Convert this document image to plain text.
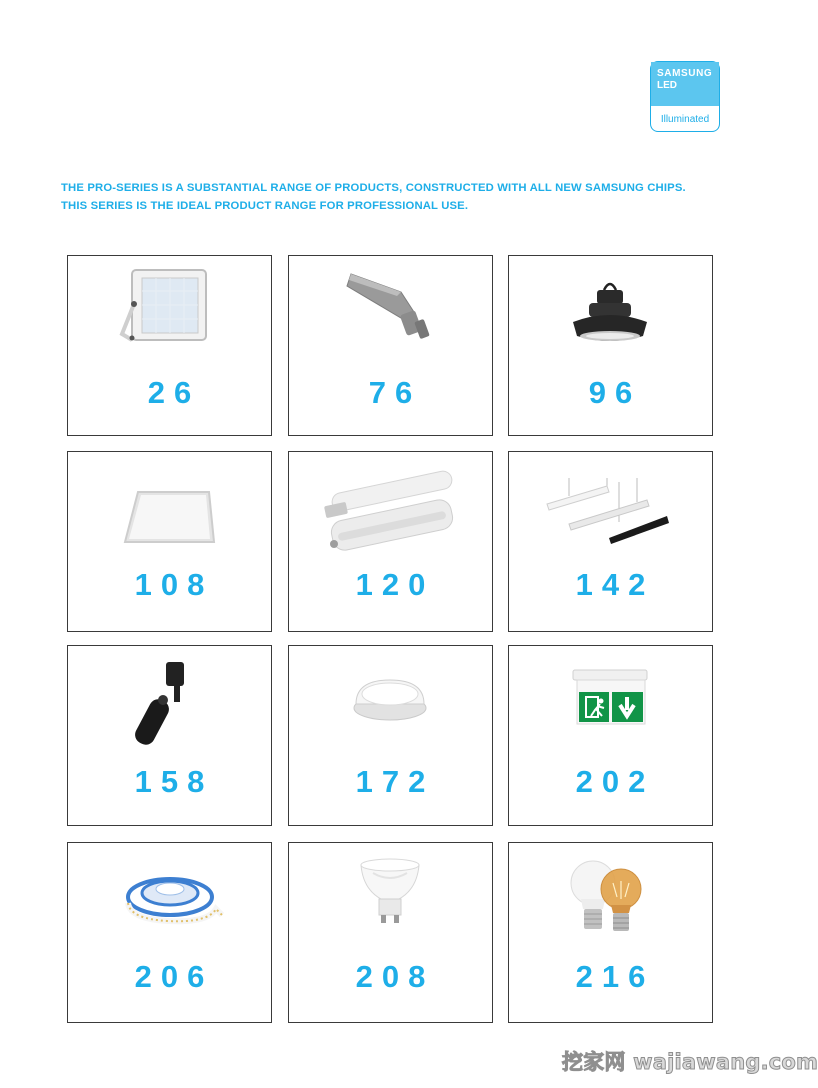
SAMSUNG
LED
Illuminated
THE PRO-SERIES IS A SUBSTANTIAL RANGE OF PRODUCTS, CONSTRUCTED WITH ALL NEW SAMSUNG CHIPS.
THIS SERIES IS THE IDEAL PRODUCT RANGE FOR PROFESSIONAL USE.
26	76	96
108	120	142
158	172	202
206	208	216
挖家网 wajiawang.com
